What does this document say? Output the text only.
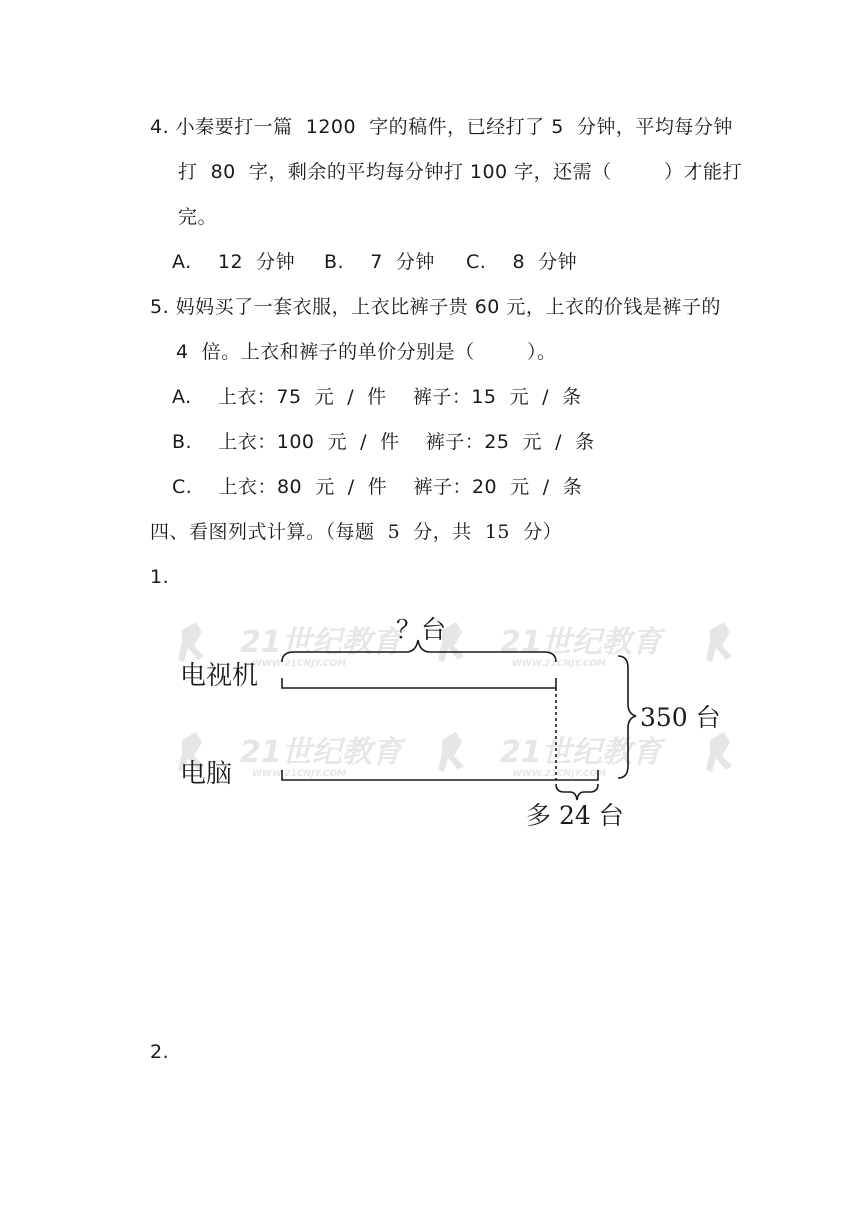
4. 小秦要打一篇  1200  字的稿件，已经打了 5  分钟，平均每分钟
打  80  字，剩余的平均每分钟打 100 字，还需（        ）才能打
完。
A.    12  分钟 B.    7  分钟 C.    8  分钟
5. 妈妈买了一套衣服，上衣比裤子贵 60 元，上衣的价钱是裤子的
4  倍。上衣和裤子的单价分别是（        ）。
A.    上衣：75  元  /  件    裤子：15  元  /  条
B.    上衣：100  元  /  件    裤子：25  元  /  条
C.    上衣：80  元  /  件    裤子：20  元  /  条
四、看图列式计算。（每题  5  分，共  15  分）
1.
21世纪教育
WWW.21CNJY.COM
21世纪教育
WWW.21CNJY.COM
21世纪教育
WWW.21CNJY.COM
21世纪教育
WWW.21CNJY.COM
？台
电视机
电脑
350 台
多 24 台
2.
